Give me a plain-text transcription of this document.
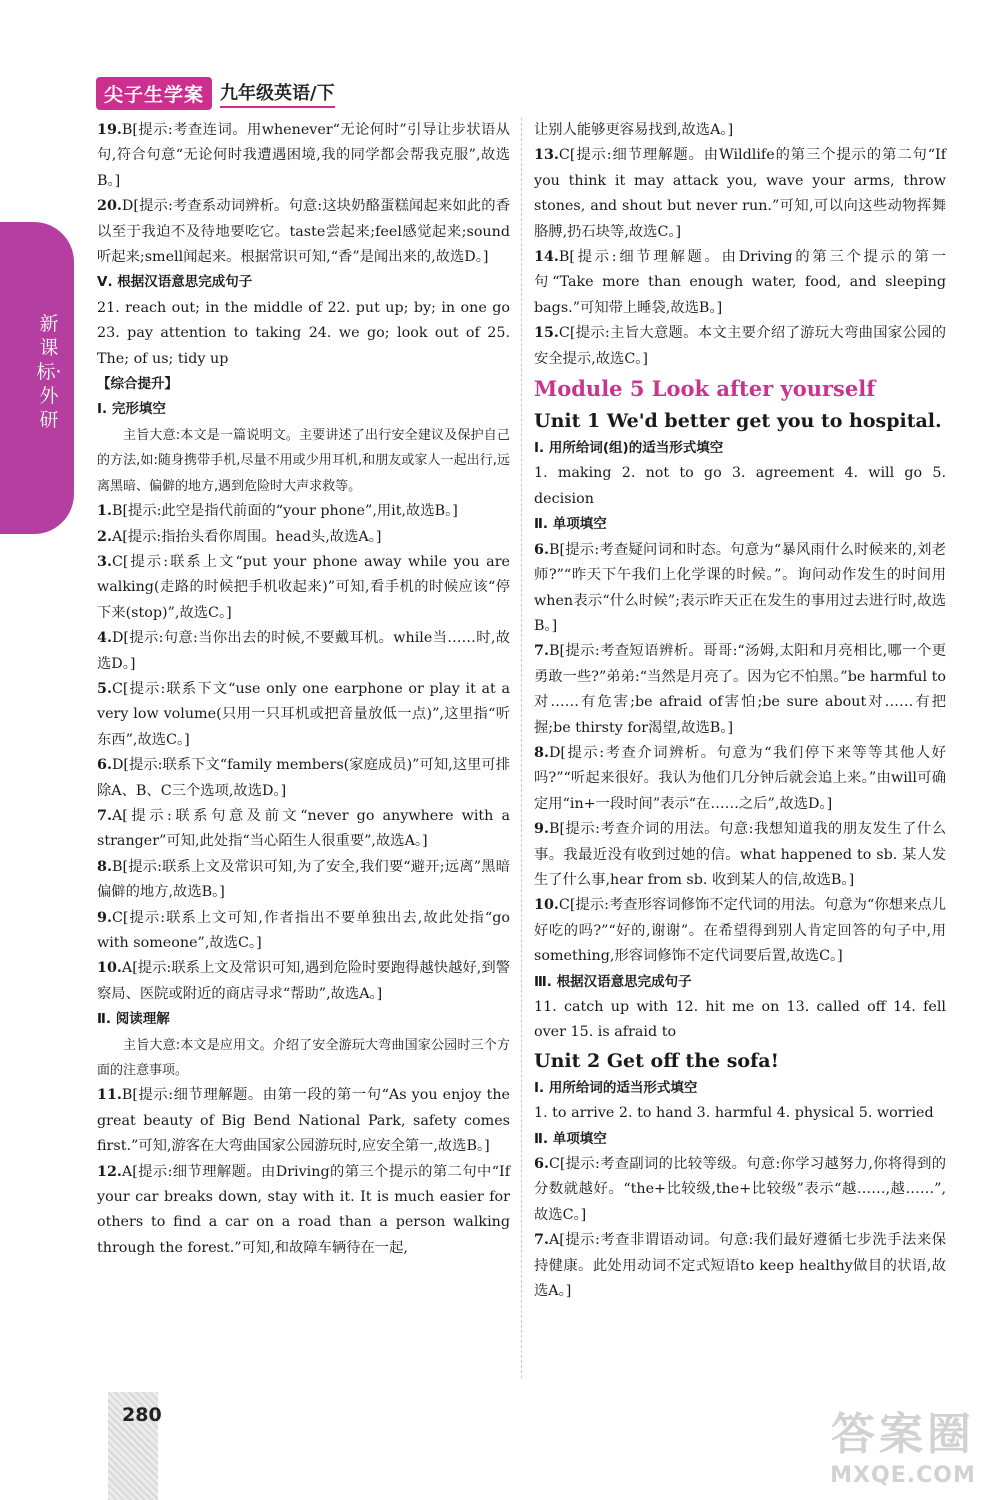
尖子生学案 九年级英语/下
新课标·外研

19.B[提示:考查连词。用whenever“无论何时”引导让步状语从句,符合句意“无论何时我遭遇困境,我的同学都会帮我克服”,故选B。]

20.D[提示:考查系动词辨析。句意:这块奶酪蛋糕闻起来如此的香以至于我迫不及待地要吃它。taste尝起来;feel感觉起来;sound听起来;smell闻起来。根据常识可知,“香”是闻出来的,故选D。]

Ⅴ. 根据汉语意思完成句子

21. reach out; in the middle of 22. put up; by; in one go 23. pay attention to taking 24. we go; look out of 25. The; of us; tidy up

【综合提升】

Ⅰ. 完形填空

主旨大意:本文是一篇说明文。主要讲述了出行安全建议及保护自己的方法,如:随身携带手机,尽量不用或少用耳机,和朋友或家人一起出行,远离黑暗、偏僻的地方,遇到危险时大声求救等。

1.B[提示:此空是指代前面的“your phone”,用it,故选B。]

2.A[提示:指抬头看你周围。head头,故选A。]

3.C[提示:联系上文“put your phone away while you are walking(走路的时候把手机收起来)”可知,看手机的时候应该“停下来(stop)”,故选C。]

4.D[提示:句意:当你出去的时候,不要戴耳机。while当……时,故选D。]

5.C[提示:联系下文“use only one earphone or play it at a very low volume(只用一只耳机或把音量放低一点)”,这里指“听东西”,故选C。]

6.D[提示:联系下文“family members(家庭成员)”可知,这里可排除A、B、C三个选项,故选D。]

7.A[提示:联系句意及前文“never go anywhere with a stranger”可知,此处指“当心陌生人很重要”,故选A。]

8.B[提示:联系上文及常识可知,为了安全,我们要“避开;远离”黑暗偏僻的地方,故选B。]

9.C[提示:联系上文可知,作者指出不要单独出去,故此处指“go with someone”,故选C。]

10.A[提示:联系上文及常识可知,遇到危险时要跑得越快越好,到警察局、医院或附近的商店寻求“帮助”,故选A。]

Ⅱ. 阅读理解

主旨大意:本文是应用文。介绍了安全游玩大弯曲国家公园时三个方面的注意事项。

11.B[提示:细节理解题。由第一段的第一句“As you enjoy the great beauty of Big Bend National Park, safety comes first.”可知,游客在大弯曲国家公园游玩时,应安全第一,故选B。]

12.A[提示:细节理解题。由Driving的第三个提示的第二句中“If your car breaks down, stay with it. It is much easier for others to find a car on a road than a person walking through the forest.”可知,和故障车辆待在一起,

让别人能够更容易找到,故选A。]

13.C[提示:细节理解题。由Wildlife的第三个提示的第二句“If you think it may attack you, wave your arms, throw stones, and shout but never run.”可知,可以向这些动物挥舞胳膊,扔石块等,故选C。]

14.B[提示:细节理解题。由Driving的第三个提示的第一句“Take more than enough water, food, and sleeping bags.”可知带上睡袋,故选B。]

15.C[提示:主旨大意题。本文主要介绍了游玩大弯曲国家公园的安全提示,故选C。]

Module 5 Look after yourself

Unit 1 We'd better get you to hospital.

Ⅰ. 用所给词(组)的适当形式填空

1. making 2. not to go 3. agreement 4. will go 5. decision

Ⅱ. 单项填空

6.B[提示:考查疑问词和时态。句意为“暴风雨什么时候来的,刘老师?”“昨天下午我们上化学课的时候。”。询问动作发生的时间用when表示“什么时候”;表示昨天正在发生的事用过去进行时,故选B。]

7.B[提示:考查短语辨析。哥哥:“汤姆,太阳和月亮相比,哪一个更勇敢一些?”弟弟:“当然是月亮了。因为它不怕黑。”be harmful to对……有危害;be afraid of害怕;be sure about对……有把握;be thirsty for渴望,故选B。]

8.D[提示:考查介词辨析。句意为“我们停下来等等其他人好吗?”“听起来很好。我认为他们几分钟后就会追上来。”由will可确定用“in+一段时间”表示“在……之后”,故选D。]

9.B[提示:考查介词的用法。句意:我想知道我的朋友发生了什么事。我最近没有收到过她的信。what happened to sb. 某人发生了什么事,hear from sb. 收到某人的信,故选B。]

10.C[提示:考查形容词修饰不定代词的用法。句意为“你想来点儿好吃的吗?”“好的,谢谢”。在希望得到别人肯定回答的句子中,用something,形容词修饰不定代词要后置,故选C。]

Ⅲ. 根据汉语意思完成句子

11. catch up with 12. hit me on 13. called off 14. fell over 15. is afraid to

Unit 2 Get off the sofa!

Ⅰ. 用所给词的适当形式填空

1. to arrive 2. to hand 3. harmful 4. physical 5. worried

Ⅱ. 单项填空

6.C[提示:考查副词的比较等级。句意:你学习越努力,你将得到的分数就越好。“the+比较级,the+比较级”表示“越……,越……”,故选C。]

7.A[提示:考查非谓语动词。句意:我们最好遵循七步洗手法来保持健康。此处用动词不定式短语to keep healthy做目的状语,故选A。]

280	答案圈
MXQE.COM
